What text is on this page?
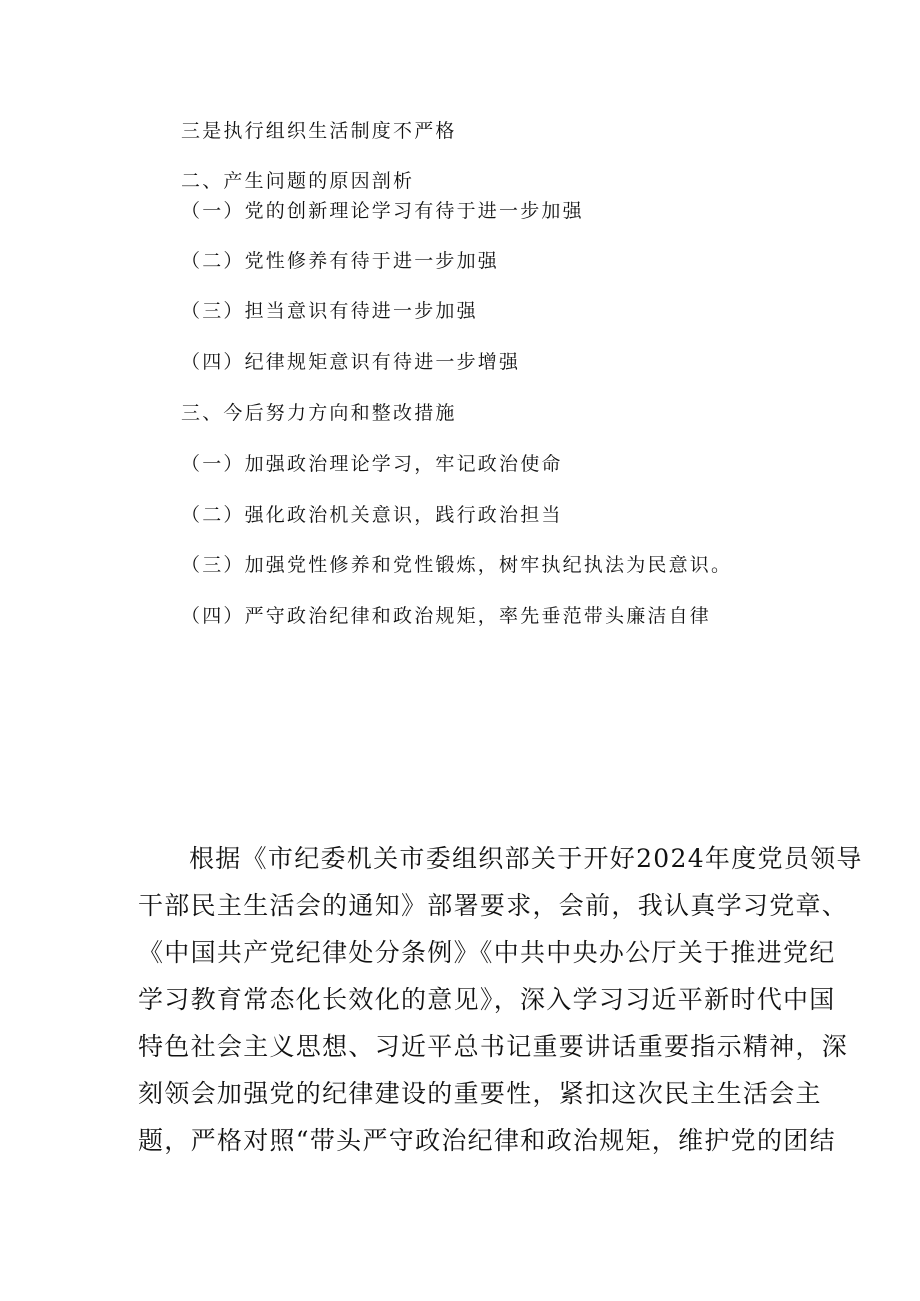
三是执行组织生活制度不严格
二、产生问题的原因剖析
（一）党的创新理论学习有待于进一步加强
（二）党性修养有待于进一步加强
（三）担当意识有待进一步加强
（四）纪律规矩意识有待进一步增强
三、今后努力方向和整改措施
（一）加强政治理论学习，牢记政治使命
（二）强化政治机关意识，践行政治担当
（三）加强党性修养和党性锻炼，树牢执纪执法为民意识。
（四）严守政治纪律和政治规矩，率先垂范带头廉洁自律
根据《市纪委机关市委组织部关于开好2024年度党员领导
干部民主生活会的通知》部署要求，会前，我认真学习党章、
《中国共产党纪律处分条例》《中共中央办公厅关于推进党纪
学习教育常态化长效化的意见》，深入学习习近平新时代中国
特色社会主义思想、习近平总书记重要讲话重要指示精神，深
刻领会加强党的纪律建设的重要性，紧扣这次民主生活会主
题，严格对照“带头严守政治纪律和政治规矩，维护党的团结
